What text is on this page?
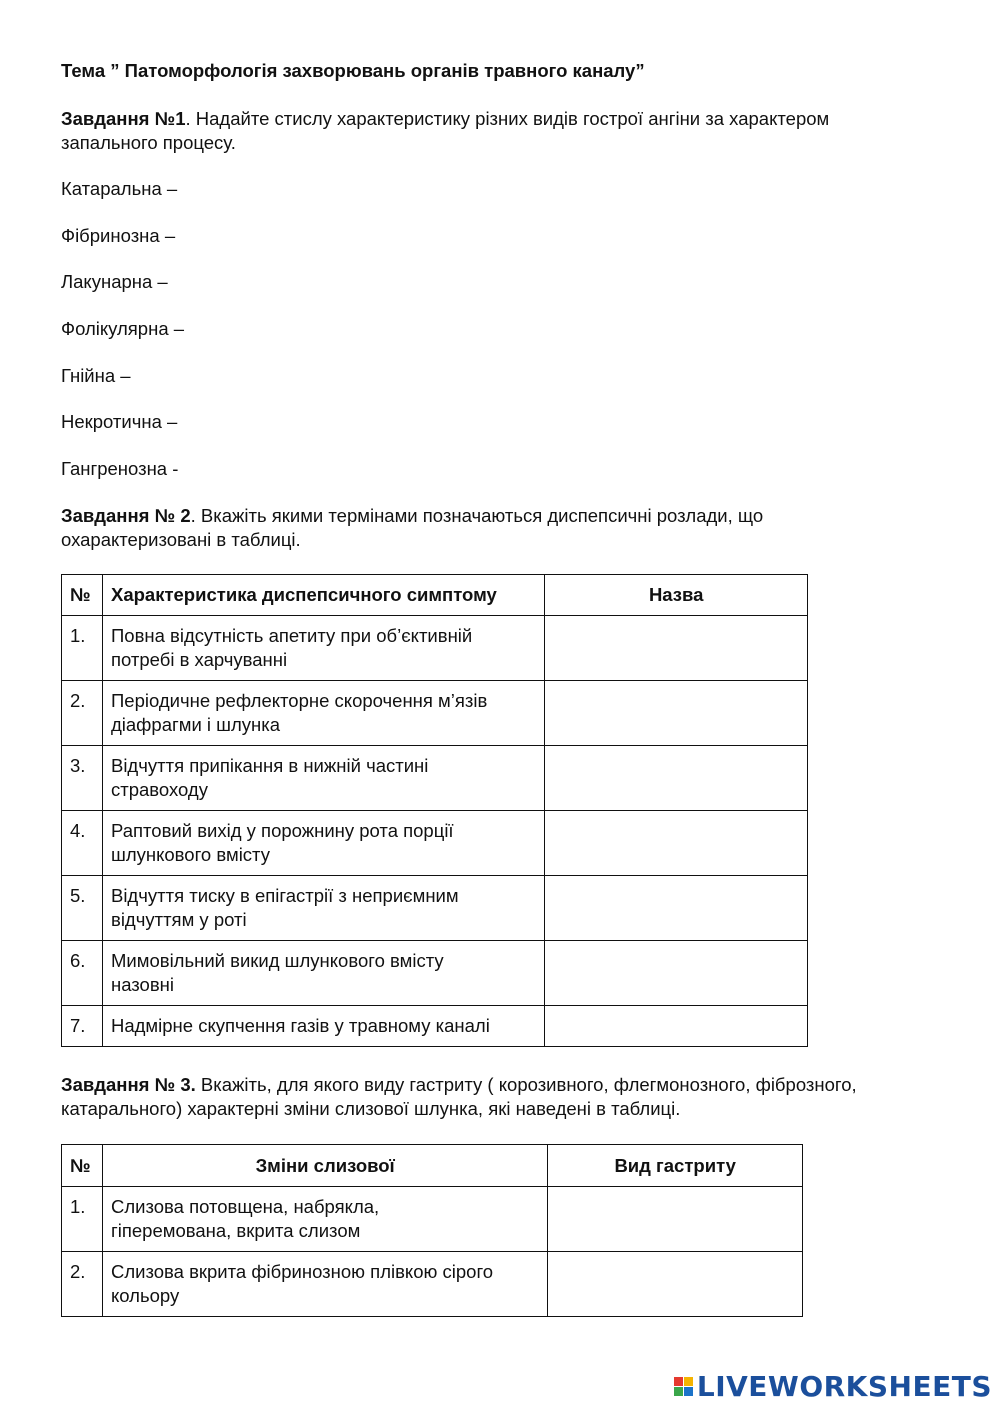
Тема ” Патоморфологія захворювань органів травного каналу”

Завдання №1. Надайте стислу характеристику різних видів гострої ангіни за характером
запального процесу.

Катаральна –

Фібринозна –

Лакунарна –

Фолікулярна –

Гнійна –

Некротична –

Гангренозна -

Завдання № 2. Вкажіть якими термінами позначаються диспепсичні розлади, що
охарактеризовані в таблиці.

№	Характеристика диспепсичного симптому	Назва
1.	Повна відсутність апетиту при об’єктивній
потребі в харчуванні	
2.	Періодичне рефлекторне скорочення м’язів
діафрагми і шлунка	
3.	Відчуття припікання в нижній частині
стравоходу	
4.	Раптовий вихід у порожнину рота порції
шлункового вмісту	
5.	Відчуття тиску в епігастрії з неприємним
відчуттям у роті	
6.	Мимовільний викид шлункового вмісту
назовні	
7.	Надмірне скупчення газів у травному каналі	

Завдання № 3. Вкажіть, для якого виду гастриту ( корозивного, флегмонозного, фіброзного,
катарального) характерні зміни слизової шлунка, які наведені в таблиці.

№	Зміни слизової	Вид гастриту
1.	Слизова потовщена, набрякла,
гіперемована, вкрита слизом	
2.	Слизова вкрита фібринозною плівкою сірого
кольору	
LIVEWORKSHEETS
